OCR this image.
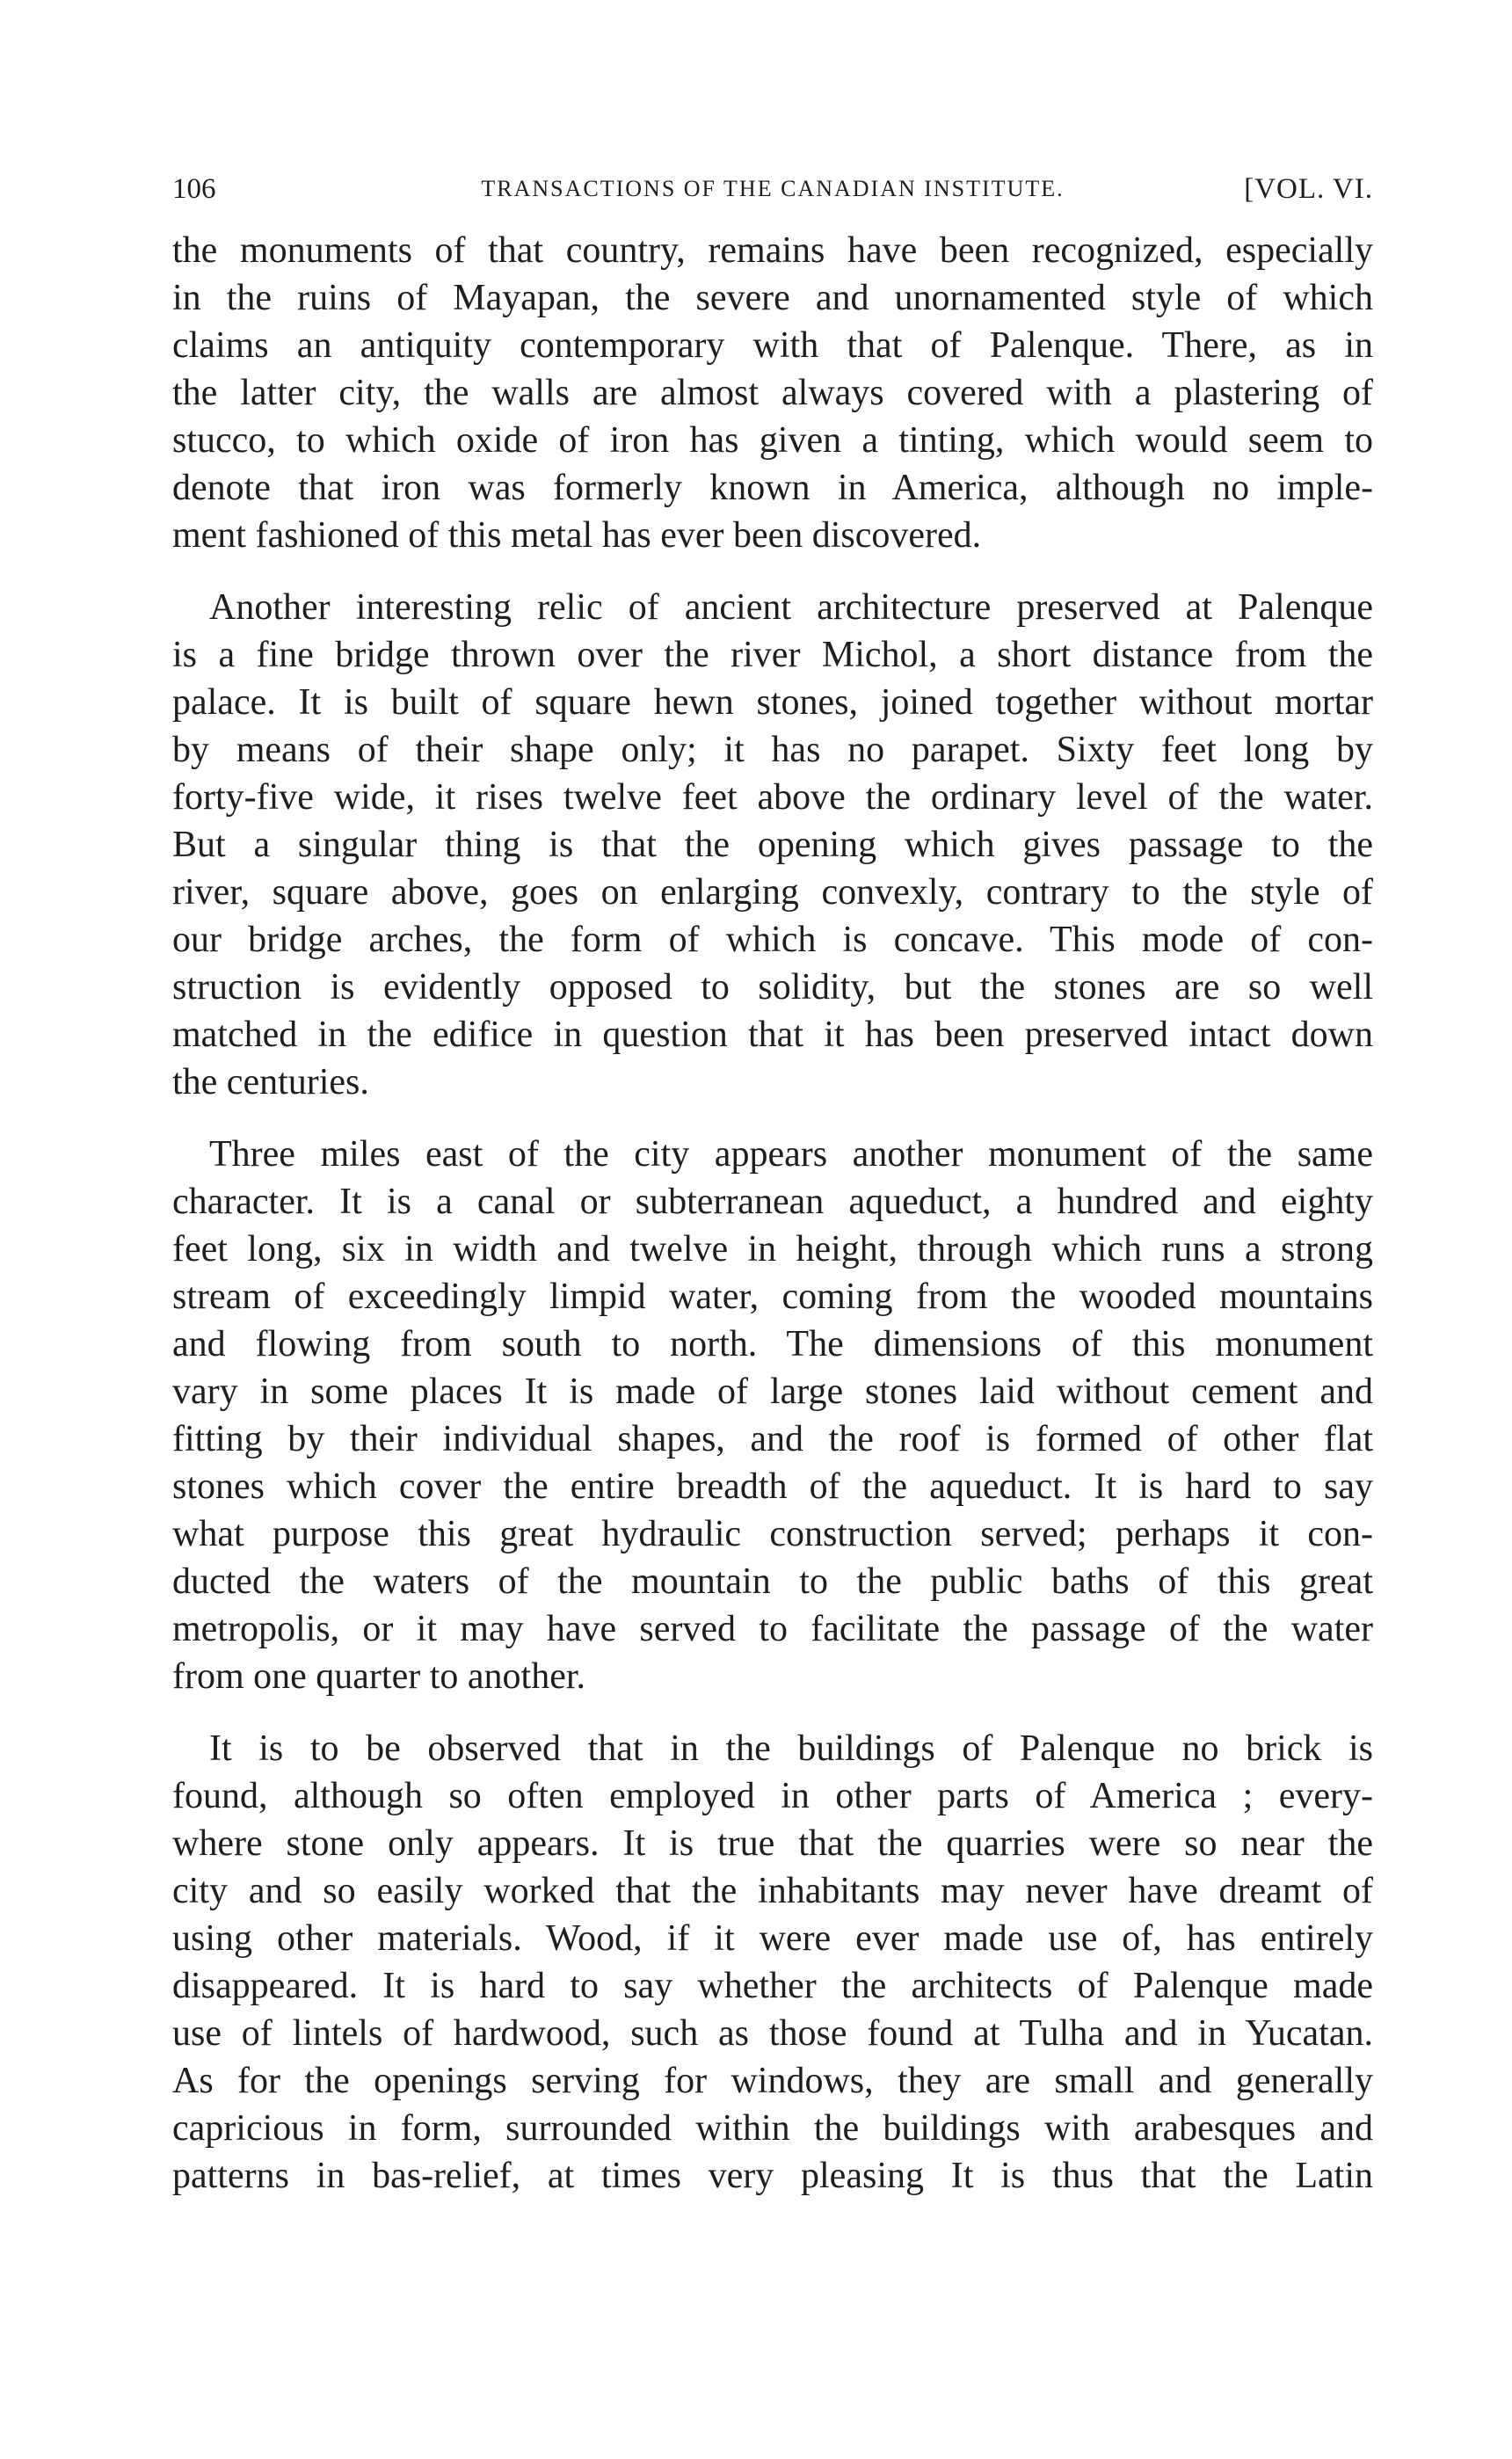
106	TRANSACTIONS OF THE CANADIAN INSTITUTE.	[VOL. VI.
the monuments of that country, remains have been recognized, especially
in the ruins of Mayapan, the severe and unornamented style of which
claims an antiquity contemporary with that of Palenque. There, as in
the latter city, the walls are almost always covered with a plastering of
stucco, to which oxide of iron has given a tinting, which would seem to
denote that iron was formerly known in America, although no imple-
ment fashioned of this metal has ever been discovered.
Another interesting relic of ancient architecture preserved at Palenque
is a fine bridge thrown over the river Michol, a short distance from the
palace. It is built of square hewn stones, joined together without mortar
by means of their shape only; it has no parapet. Sixty feet long by
forty-five wide, it rises twelve feet above the ordinary level of the water.
But a singular thing is that the opening which gives passage to the
river, square above, goes on enlarging convexly, contrary to the style of
our bridge arches, the form of which is concave. This mode of con-
struction is evidently opposed to solidity, but the stones are so well
matched in the edifice in question that it has been preserved intact down
the centuries.
Three miles east of the city appears another monument of the same
character. It is a canal or subterranean aqueduct, a hundred and eighty
feet long, six in width and twelve in height, through which runs a strong
stream of exceedingly limpid water, coming from the wooded mountains
and flowing from south to north. The dimensions of this monument
vary in some places It is made of large stones laid without cement and
fitting by their individual shapes, and the roof is formed of other flat
stones which cover the entire breadth of the aqueduct. It is hard to say
what purpose this great hydraulic construction served; perhaps it con-
ducted the waters of the mountain to the public baths of this great
metropolis, or it may have served to facilitate the passage of the water
from one quarter to another.
It is to be observed that in the buildings of Palenque no brick is
found, although so often employed in other parts of America ; every-
where stone only appears. It is true that the quarries were so near the
city and so easily worked that the inhabitants may never have dreamt of
using other materials. Wood, if it were ever made use of, has entirely
disappeared. It is hard to say whether the architects of Palenque made
use of lintels of hardwood, such as those found at Tulha and in Yucatan.
As for the openings serving for windows, they are small and generally
capricious in form, surrounded within the buildings with arabesques and
patterns in bas-relief, at times very pleasing It is thus that the Latin
